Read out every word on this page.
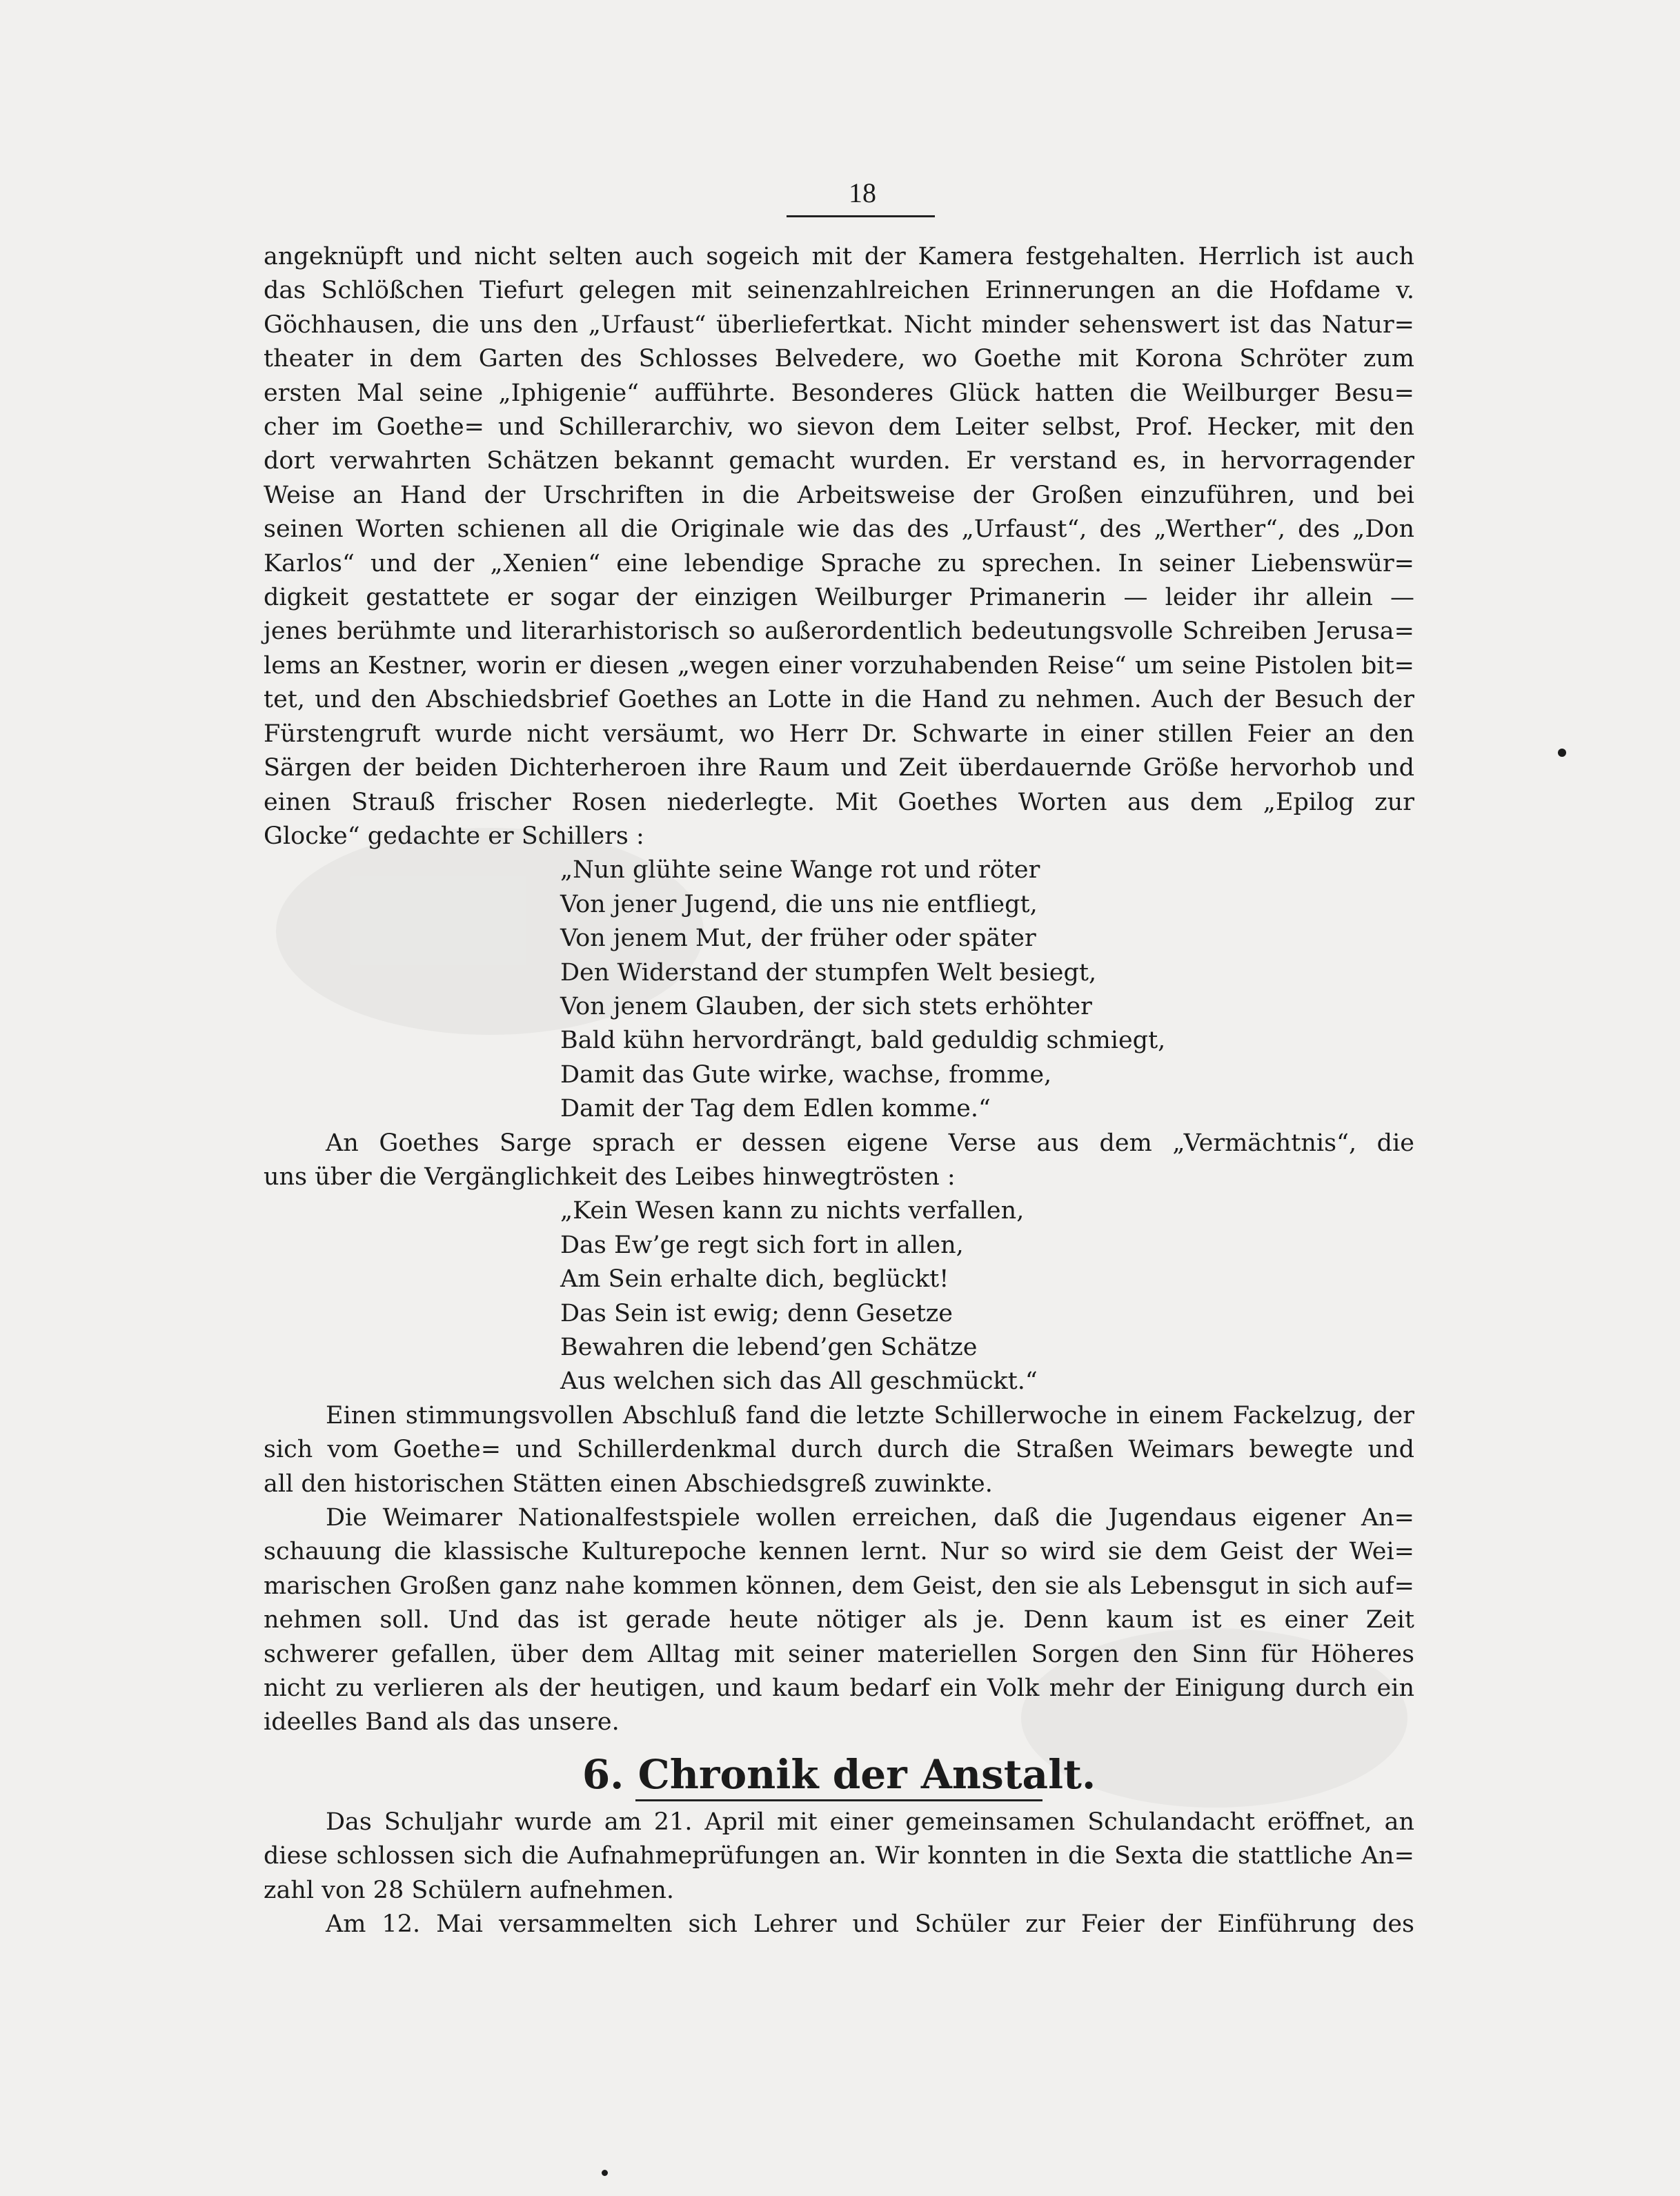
18
angeknüpft und nicht selten auch sogeich mit der Kamera festgehalten. Herrlich ist auch
das Schlößchen Tiefurt gelegen mit seinenzahlreichen Erinnerungen an die Hofdame v.
Göchhausen, die uns den „Urfaust“ überliefertkat. Nicht minder sehenswert ist das Natur=
theater in dem Garten des Schlosses Belvedere, wo Goethe mit Korona Schröter zum
ersten Mal seine „Iphigenie“ aufführte. Besonderes Glück hatten die Weilburger Besu=
cher im Goethe= und Schillerarchiv, wo sievon dem Leiter selbst, Prof. Hecker, mit den
dort verwahrten Schätzen bekannt gemacht wurden. Er verstand es, in hervorragender
Weise an Hand der Urschriften in die Arbeitsweise der Großen einzuführen, und bei
seinen Worten schienen all die Originale wie das des „Urfaust“, des „Werther“, des „Don
Karlos“ und der „Xenien“ eine lebendige Sprache zu sprechen. In seiner Liebenswür=
digkeit gestattete er sogar der einzigen Weilburger Primanerin — leider ihr allein —
jenes berühmte und literarhistorisch so außerordentlich bedeutungsvolle Schreiben Jerusa=
lems an Kestner, worin er diesen „wegen einer vorzuhabenden Reise“ um seine Pistolen bit=
tet, und den Abschiedsbrief Goethes an Lotte in die Hand zu nehmen. Auch der Besuch der
Fürstengruft wurde nicht versäumt, wo Herr Dr. Schwarte in einer stillen Feier an den
Särgen der beiden Dichterheroen ihre Raum und Zeit überdauernde Größe hervorhob und
einen Strauß frischer Rosen niederlegte. Mit Goethes Worten aus dem „Epilog zur
Glocke“ gedachte er Schillers :
„Nun glühte seine Wange rot und röter
Von jener Jugend, die uns nie entfliegt,
Von jenem Mut, der früher oder später
Den Widerstand der stumpfen Welt besiegt,
Von jenem Glauben, der sich stets erhöhter
Bald kühn hervordrängt, bald geduldig schmiegt,
Damit das Gute wirke, wachse, fromme,
Damit der Tag dem Edlen komme.“
An Goethes Sarge sprach er dessen eigene Verse aus dem „Vermächtnis“, die
uns über die Vergänglichkeit des Leibes hinwegtrösten :
„Kein Wesen kann zu nichts verfallen,
Das Ew’ge regt sich fort in allen,
Am Sein erhalte dich, beglückt!
Das Sein ist ewig; denn Gesetze
Bewahren die lebend’gen Schätze
Aus welchen sich das All geschmückt.“
Einen stimmungsvollen Abschluß fand die letzte Schillerwoche in einem Fackelzug, der
sich vom Goethe= und Schillerdenkmal durch durch die Straßen Weimars bewegte und
all den historischen Stätten einen Abschiedsgreß zuwinkte.
Die Weimarer Nationalfestspiele wollen erreichen, daß die Jugendaus eigener An=
schauung die klassische Kulturepoche kennen lernt. Nur so wird sie dem Geist der Wei=
marischen Großen ganz nahe kommen können, dem Geist, den sie als Lebensgut in sich auf=
nehmen soll. Und das ist gerade heute nötiger als je. Denn kaum ist es einer Zeit
schwerer gefallen, über dem Alltag mit seiner materiellen Sorgen den Sinn für Höheres
nicht zu verlieren als der heutigen, und kaum bedarf ein Volk mehr der Einigung durch ein
ideelles Band als das unsere.
6. Chronik der Anstalt.
Das Schuljahr wurde am 21. April mit einer gemeinsamen Schulandacht eröffnet, an
diese schlossen sich die Aufnahmeprüfungen an. Wir konnten in die Sexta die stattliche An=
zahl von 28 Schülern aufnehmen.
Am 12. Mai versammelten sich Lehrer und Schüler zur Feier der Einführung des
